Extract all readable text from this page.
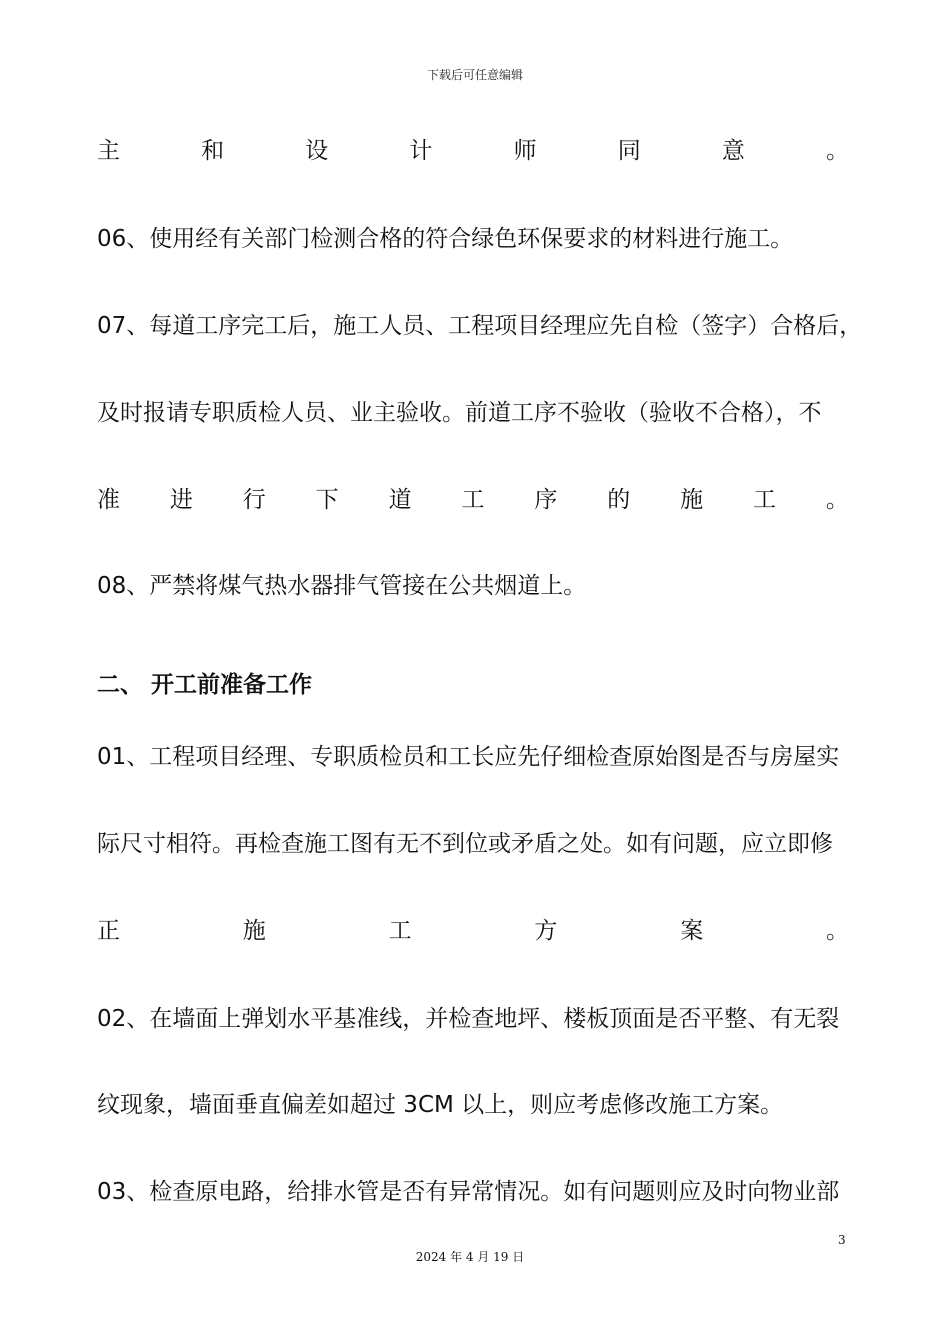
下载后可任意编辑
主	和	设	计	师	同	意	。
06、使用经有关部门检测合格的符合绿色环保要求的材料进行施工。
07、每道工序完工后，施工人员、工程项目经理应先自检（签字）合格后，
及时报请专职质检人员、业主验收。前道工序不验收（验收不合格），不
准 进 行 下 道 工 序 的 施 工 。
08、严禁将煤气热水器排气管接在公共烟道上。
二、 开工前准备工作
01、工程项目经理、专职质检员和工长应先仔细检查原始图是否与房屋实
际尺寸相符。再检查施工图有无不到位或矛盾之处。如有问题，应立即修
正	施	工	方	案	。
02、在墙面上弹划水平基准线，并检查地坪、楼板顶面是否平整、有无裂
纹现象，墙面垂直偏差如超过 3CM 以上，则应考虑修改施工方案。
03、检查原电路，给排水管是否有异常情况。如有问题则应及时向物业部
3
2024 年 4 月 19 日
